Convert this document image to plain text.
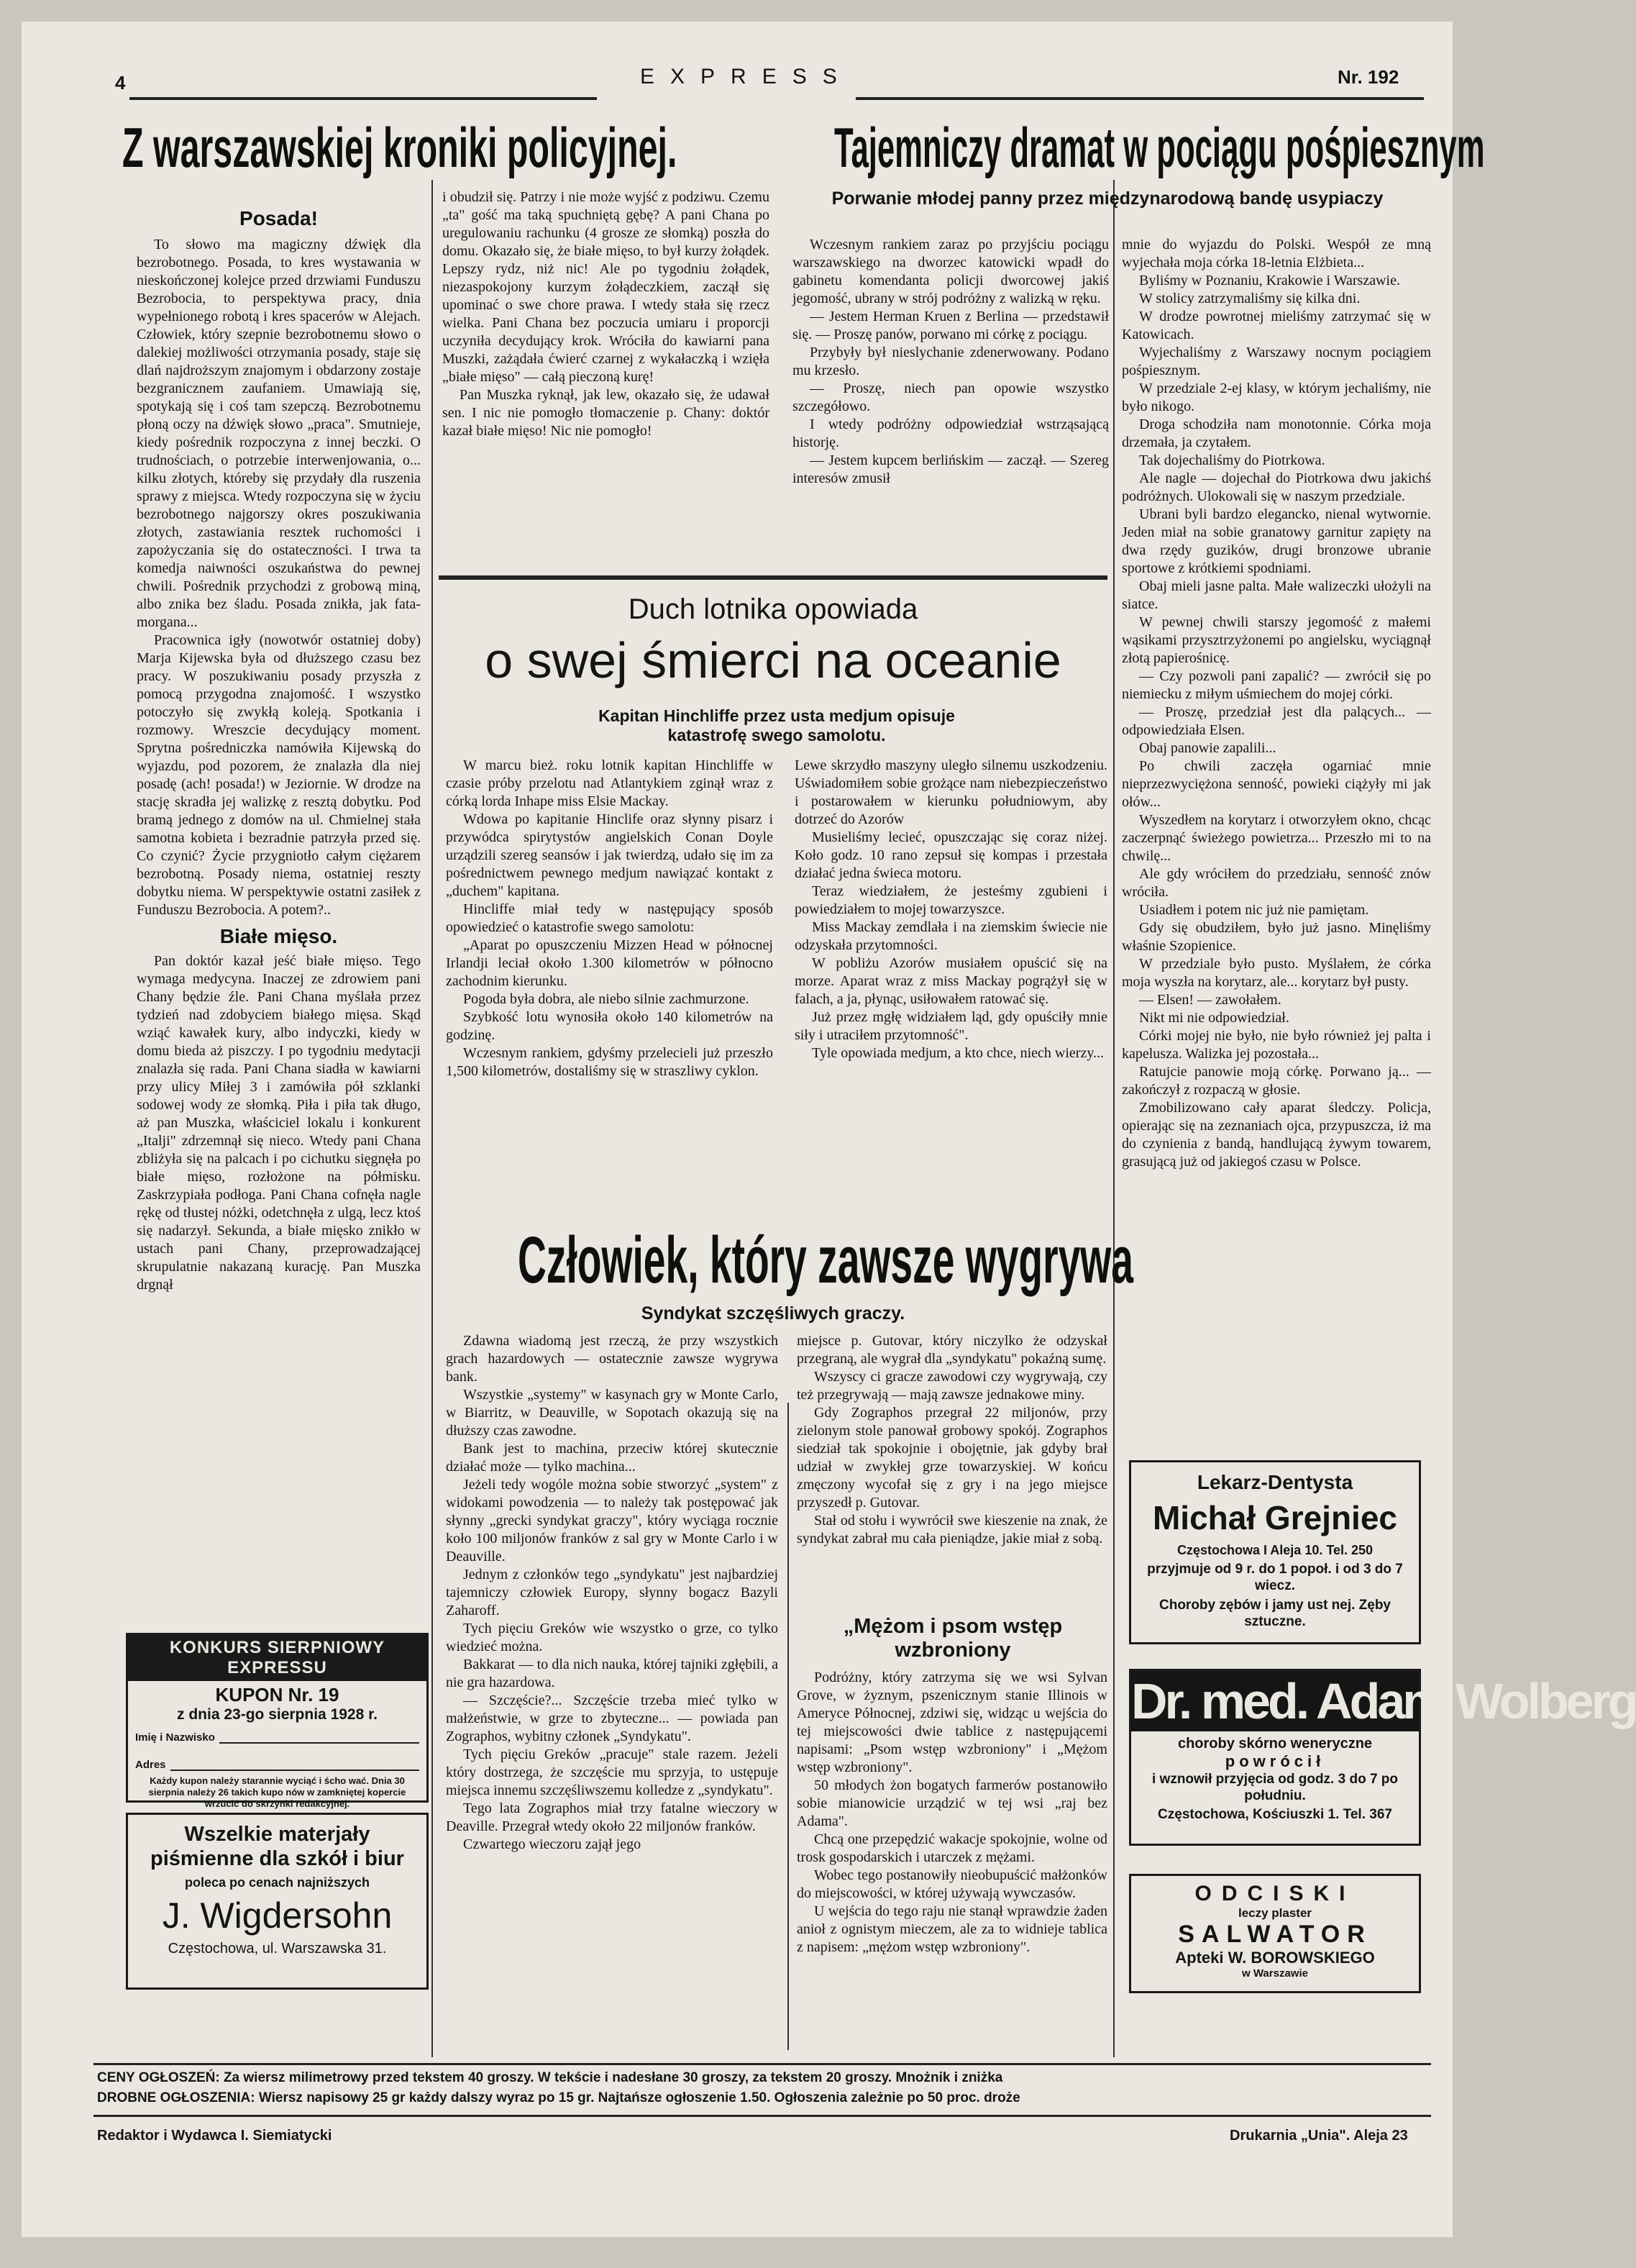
4	EXPRESS	Nr. 192
Z warszawskiej kroniki policyjnej.
Posada!

To słowo ma magiczny dźwięk dla bezrobotnego. Posada, to kres wystawania w nieskończonej kolejce przed drzwiami Funduszu Bezrobocia, to perspektywa pracy, dnia wypełnionego robotą i kres spacerów w Alejach. Człowiek, który szepnie bezrobotnemu słowo o dalekiej możliwości otrzymania posady, staje się dlań najdroższym znajomym i obdarzony zostaje bezgranicznem zaufaniem. Umawiają się, spotykają się i coś tam szepczą. Bezrobotnemu płoną oczy na dźwięk słowo „praca". Smutnieje, kiedy pośrednik rozpoczyna z innej beczki. O trudnościach, o potrzebie interwenjowania, o... kilku złotych, któreby się przydały dla ruszenia sprawy z miejsca. Wtedy rozpoczyna się w życiu bezrobotnego najgorszy okres poszukiwania złotych, zastawiania resztek ruchomości i zapożyczania się do ostateczności. I trwa ta komedja naiwności oszukaństwa do pewnej chwili. Pośrednik przychodzi z grobową miną, albo znika bez śladu. Posada znikła, jak fata-morgana...

Pracownica igły (nowotwór ostatniej doby) Marja Kijewska była od dłuższego czasu bez pracy. W poszukiwaniu posady przyszła z pomocą przygodna znajomość. I wszystko potoczyło się zwykłą koleją. Spotkania i rozmowy. Wreszcie decydujący moment. Sprytna pośredniczka namówiła Kijewską do wyjazdu, pod pozorem, że znalazła dla niej posadę (ach! posada!) w Jeziornie. W drodze na stację skradła jej walizkę z resztą dobytku. Pod bramą jednego z domów na ul. Chmielnej stała samotna kobieta i bezradnie patrzyła przed się. Co czynić? Życie przygniotło całym ciężarem bezrobotną. Posady niema, ostatniej reszty dobytku niema. W perspektywie ostatni zasiłek z Funduszu Bezrobocia. A potem?..

Białe mięso.

Pan doktór kazał jeść białe mięso. Tego wymaga medycyna. Inaczej ze zdrowiem pani Chany będzie źle. Pani Chana myślała przez tydzień nad zdobyciem białego mięsa. Skąd wziąć kawałek kury, albo indyczki, kiedy w domu bieda aż piszczy. I po tygodniu medytacji znalazła się rada. Pani Chana siadła w kawiarni przy ulicy Miłej 3 i zamówiła pół szklanki sodowej wody ze słomką. Piła i piła tak długo, aż pan Muszka, właściciel lokalu i konkurent „Italji" zdrzemnął się nieco. Wtedy pani Chana zbliżyła się na palcach i po cichutku sięgnęła po białe mięso, rozłożone na półmisku. Zaskrzypiała podłoga. Pani Chana cofnęła nagle rękę od tłustej nóżki, odetchnęła z ulgą, lecz ktoś się nadarzył. Sekunda, a białe mięsko znikło w ustach pani Chany, przeprowadzającej skrupulatnie nakazaną kurację. Pan Muszka drgnął

KONKURS SIERPNIOWY EXPRESSU
KUPON Nr. 19
z dnia 23-go sierpnia 1928 r.
Imię i Nazwisko
Adres
Każdy kupon należy starannie wyciąć i ścho wać. Dnia 30 sierpnia należy 26 takich kupo nów w zamkniętej kopercie wrzucić do skrzynki redakcyjnej.
Wszelkie materjały piśmienne dla szkół i biur
poleca po cenach najniższych
J. Wigdersohn
Częstochowa, ul. Warszawska 31.

i obudził się. Patrzy i nie może wyjść z podziwu. Czemu „ta" gość ma taką spuchniętą gębę? A pani Chana po uregulowaniu rachunku (4 grosze ze słomką) poszła do domu. Okazało się, że białe mięso, to był kurzy żołądek. Lepszy rydz, niż nic! Ale po tygodniu żołądek, niezaspokojony kurzym żołądeczkiem, zaczął się upominać o swe chore prawa. I wtedy stała się rzecz wielka. Pani Chana bez poczucia umiaru i proporcji uczyniła decydujący krok. Wróciła do kawiarni pana Muszki, zażądała ćwierć czarnej z wykałaczką i wzięła „białe mięso" — całą pieczoną kurę!

Pan Muszka ryknął, jak lew, okazało się, że udawał sen. I nic nie pomogło tłomaczenie p. Chany: doktór kazał białe mięso! Nic nie pomogło!

Tajemniczy dramat w pociągu pośpiesznym
Porwanie młodej panny przez międzynarodową bandę usypiaczy

Wczesnym rankiem zaraz po przyjściu pociągu warszawskiego na dworzec katowicki wpadł do gabinetu komendanta policji dworcowej jakiś jegomość, ubrany w strój podróżny z walizką w ręku.

— Jestem Herman Kruen z Berlina — przedstawił się. — Proszę panów, porwano mi córkę z pociągu.

Przybyły był nieslychanie zdenerwowany. Podano mu krzesło.

— Proszę, niech pan opowie wszystko szczegółowo.

I wtedy podróżny odpowiedział wstrząsającą historję.

— Jestem kupcem berlińskim — zaczął. — Szereg interesów zmusił

mnie do wyjazdu do Polski. Wespół ze mną wyjechała moja córka 18-letnia Elżbieta...

Byliśmy w Poznaniu, Krakowie i Warszawie.

W stolicy zatrzymaliśmy się kilka dni.

W drodze powrotnej mieliśmy zatrzymać się w Katowicach.

Wyjechaliśmy z Warszawy nocnym pociągiem pośpiesznym.

W przedziale 2-ej klasy, w którym jechaliśmy, nie było nikogo.

Droga schodziła nam monotonnie. Córka moja drzemała, ja czytałem.

Tak dojechaliśmy do Piotrkowa.

Ale nagle — dojechał do Piotrkowa dwu jakichś podróżnych. Ulokowali się w naszym przedziale.

Ubrani byli bardzo elegancko, nienal wytwornie. Jeden miał na sobie granatowy garnitur zapięty na dwa rzędy guzików, drugi bronzowe ubranie sportowe z krótkiemi spodniami.

Obaj mieli jasne palta. Małe walizeczki ułożyli na siatce.

W pewnej chwili starszy jegomość z małemi wąsikami przysztrzyżonemi po angielsku, wyciągnął złotą papierośnicę.

— Czy pozwoli pani zapalić? — zwrócił się po niemiecku z miłym uśmiechem do mojej córki.

— Proszę, przedział jest dla palących... — odpowiedziała Elsen.

Obaj panowie zapalili...

Po chwili zaczęła ogarniać mnie nieprzezwyciężona senność, powieki ciążyły mi jak ołów...

Wyszedłem na korytarz i otworzyłem okno, chcąc zaczerpnąć świeżego powietrza... Przeszło mi to na chwilę...

Ale gdy wróciłem do przedziału, senność znów wróciła.

Usiadłem i potem nic już nie pamiętam.

Gdy się obudziłem, było już jasno. Minęliśmy właśnie Szopienice.

W przedziale było pusto. Myślałem, że córka moja wyszła na korytarz, ale... korytarz był pusty.

— Elsen! — zawołałem.

Nikt mi nie odpowiedział.

Córki mojej nie było, nie było również jej palta i kapelusza. Walizka jej pozostała...

Ratujcie panowie moją córkę. Porwano ją... — zakończył z rozpaczą w głosie.

Zmobilizowano cały aparat śledczy. Policja, opierając się na zeznaniach ojca, przypuszcza, iż ma do czynienia z bandą, handlującą żywym towarem, grasującą już od jakiegoś czasu w Polsce.

Duch lotnika opowiada
o swej śmierci na oceanie
Kapitan Hinchliffe przez usta medjum opisuje katastrofę swego samolotu.

W marcu bież. roku lotnik kapitan Hinchliffe w czasie próby przelotu nad Atlantykiem zginął wraz z córką lorda Inhape miss Elsie Mackay.

Wdowa po kapitanie Hinclife oraz słynny pisarz i przywódca spirytystów angielskich Conan Doyle urządzili szereg seansów i jak twierdzą, udało się im za pośrednictwem pewnego medjum nawiązać kontakt z „duchem" kapitana.

Hincliffe miał tedy w następujący sposób opowiedzieć o katastrofie swego samolotu:

„Aparat po opuszczeniu Mizzen Head w północnej Irlandji leciał około 1.300 kilometrów w północno zachodnim kierunku.

Pogoda była dobra, ale niebo silnie zachmurzone.

Szybkość lotu wynosiła około 140 kilometrów na godzinę.

Wczesnym rankiem, gdyśmy przelecieli już przeszło 1,500 kilometrów, dostaliśmy się w straszliwy cyklon.

Lewe skrzydło maszyny uległo silnemu uszkodzeniu. Uświadomiłem sobie grożące nam niebezpieczeństwo i postarowałem w kierunku południowym, aby dotrzeć do Azorów

Musieliśmy lecieć, opuszczając się coraz niżej. Koło godz. 10 rano zepsuł się kompas i przestała działać jedna świeca motoru.

Teraz wiedziałem, że jesteśmy zgubieni i powiedziałem to mojej towarzyszce.

Miss Mackay zemdlała i na ziemskim świecie nie odzyskała przytomności.

W pobliżu Azorów musiałem opuścić się na morze. Aparat wraz z miss Mackay pogrążył się w falach, a ja, płynąc, usiłowałem ratować się.

Już przez mgłę widziałem ląd, gdy opuściły mnie siły i utraciłem przytomność".

Tyle opowiada medjum, a kto chce, niech wierzy...

Człowiek, który zawsze wygrywa
Syndykat szczęśliwych graczy.

Zdawna wiadomą jest rzeczą, że przy wszystkich grach hazardowych — ostatecznie zawsze wygrywa bank.

Wszystkie „systemy" w kasynach gry w Monte Carlo, w Biarritz, w Deauville, w Sopotach okazują się na dłuższy czas zawodne.

Bank jest to machina, przeciw której skutecznie działać może — tylko machina...

Jeżeli tedy wogóle można sobie stworzyć „system" z widokami powodzenia — to należy tak postępować jak słynny „grecki syndykat graczy", który wyciąga rocznie koło 100 miljonów franków z sal gry w Monte Carlo i w Deauville.

Jednym z członków tego „syndykatu" jest najbardziej tajemniczy człowiek Europy, słynny bogacz Bazyli Zaharoff.

Tych pięciu Greków wie wszystko o grze, co tylko wiedzieć można.

Bakkarat — to dla nich nauka, której tajniki zgłębili, a nie gra hazardowa.

— Szczęście?... Szczęście trzeba mieć tylko w małżeństwie, w grze to zbyteczne... — powiada pan Zographos, wybitny członek „Syndykatu".

Tych pięciu Greków „pracuje" stale razem. Jeżeli który dostrzega, że szczęście mu sprzyja, to ustępuje miejsca innemu szczęśliwszemu kolledze z „syndykatu".

Tego lata Zographos miał trzy fatalne wieczory w Deaville. Przegrał wtedy około 22 miljonów franków.

Czwartego wieczoru zajął jego

miejsce p. Gutovar, który niczylko że odzyskał przegraną, ale wygrał dla „syndykatu" pokaźną sumę.

Wszyscy ci gracze zawodowi czy wygrywają, czy też przegrywają — mają zawsze jednakowe miny.

Gdy Zographos przegrał 22 miljonów, przy zielonym stole panował grobowy spokój. Zographos siedział tak spokojnie i obojętnie, jak gdyby brał udział w zwykłej grze towarzyskiej. W końcu zmęczony wycofał się z gry i na jego miejsce przyszedł p. Gutovar.

Stał od stołu i wywrócił swe kieszenie na znak, że syndykat zabrał mu cała pieniądze, jakie miał z sobą.

„Mężom i psom wstęp wzbroniony

Podróżny, który zatrzyma się we wsi Sylvan Grove, w żyznym, pszenicznym stanie Illinois w Ameryce Północnej, zdziwi się, widząc u wejścia do tej miejscowości dwie tablice z następującemi napisami: „Psom wstęp wzbroniony" i „Mężom wstęp wzbroniony".

50 młodych żon bogatych farmerów postanowiło sobie mianowicie urządzić w tej wsi „raj bez Adama".

Chcą one przepędzić wakacje spokojnie, wolne od trosk gospodarskich i utarczek z mężami.

Wobec tego postanowiły nieobupuścić małżonków do miejscowości, w której używają wywczasów.

U wejścia do tego raju nie stanął wprawdzie żaden anioł z ognistym mieczem, ale za to widnieje tablica z napisem: „mężom wstęp wzbroniony".

Lekarz-Dentysta
Michał Grejniec
Częstochowa I Aleja 10. Tel. 250
przyjmuje od 9 r. do 1 popoł. i od 3 do 7 wiecz.
Choroby zębów i jamy ust nej. Zęby sztuczne.
Dr. med. Adam Wolberg
choroby skórno weneryczne
powrócił
i wznowił przyjęcia od godz. 3 do 7 po południu.
Częstochowa, Kościuszki 1. Tel. 367
ODCISKI
leczy plaster
SALWATOR
Apteki W. BOROWSKIEGO
w Warszawie
CENY OGŁOSZEŃ: Za wiersz milimetrowy przed tekstem 40 groszy. W tekście i nadesłane 30 groszy, za tekstem 20 groszy. Mnożnik i zniżka
DROBNE OGŁOSZENIA: Wiersz napisowy 25 gr każdy dalszy wyraz po 15 gr. Najtańsze ogłoszenie 1.50. Ogłoszenia zależnie po 50 proc. droże
Redaktor i Wydawca I. Siemiatycki	Drukarnia „Unia". Aleja 23
